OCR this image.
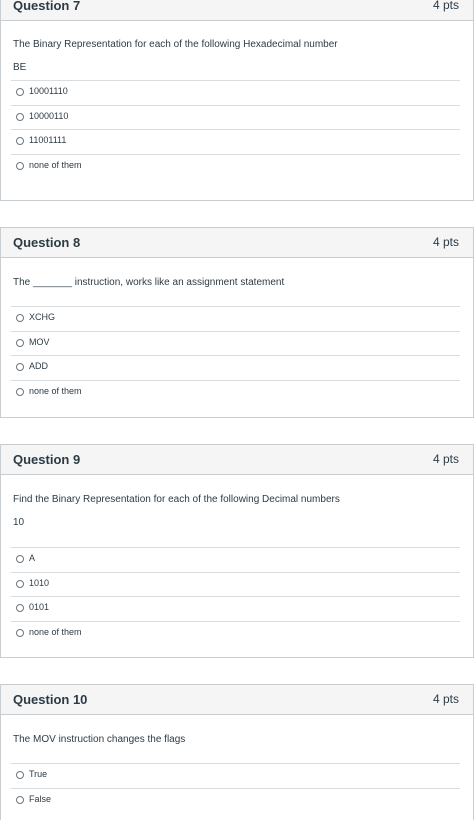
Question 7	4 pts
The Binary Representation for each of the following Hexadecimal number
BE
10001110
10000110
11001111
none of them
Question 8	4 pts
The _______ instruction, works like an assignment statement
XCHG
MOV
ADD
none of them
Question 9	4 pts
Find the Binary Representation for each of the following Decimal numbers
10
A
1010
0101
none of them
Question 10	4 pts
The MOV instruction changes the flags
True
False
